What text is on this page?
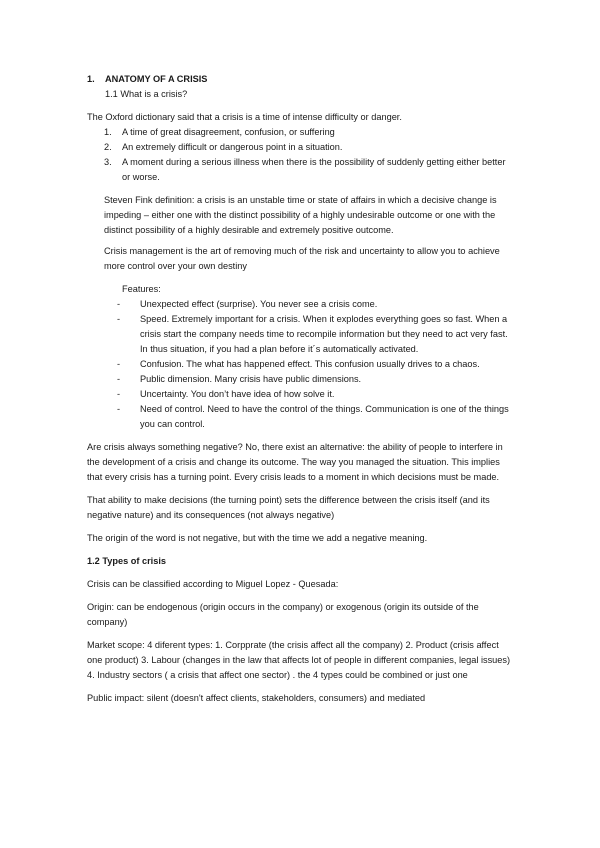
1. ANATOMY OF A CRISIS

1.1 What is a crisis?

The Oxford dictionary said that a crisis is a time of intense difficulty or danger.

1. A time of great disagreement, confusion, or suffering
2. An extremely difficult or dangerous point in a situation.
3. A moment during a serious illness when there is the possibility of suddenly getting either better or worse.

Steven Fink definition: a crisis is an unstable time or state of affairs in which a decisive change is impeding – either one with the distinct possibility of a highly undesirable outcome or one with the distinct possibility of a highly desirable and extremely positive outcome.

Crisis management is the art of removing much of the risk and uncertainty to allow you to achieve more control over your own destiny

Features:

- Unexpected effect (surprise). You never see a crisis come.
- Speed. Extremely important for a crisis. When it explodes everything goes so fast. When a crisis start the company needs time to recompile information but they need to act very fast. In thus situation, if you had a plan before it´s automatically activated.
- Confusion. The what has happened effect. This confusion usually drives to a chaos.
- Public dimension. Many crisis have public dimensions.
- Uncertainty. You don’t have idea of how solve it.
- Need of control. Need to have the control of the things. Communication is one of the things you can control.

Are crisis always something negative? No, there exist an alternative: the ability of people to interfere in the development of a crisis and change its outcome. The way you managed the situation. This implies that every crisis has a turning point. Every crisis leads to a moment in which decisions must be made.

That ability to make decisions (the turning point) sets the difference between the crisis itself (and its negative nature) and its consequences (not always negative)

The origin of the word is not negative, but with the time we add a negative meaning.

1.2 Types of crisis

Crisis can be classified according to Miguel Lopez - Quesada:

Origin: can be endogenous (origin occurs in the company) or exogenous (origin its outside of the company)

Market scope: 4 diferent types: 1. Corpprate (the crisis affect all the company) 2. Product (crisis affect one product) 3. Labour (changes in the law that affects lot of people in different companies, legal issues) 4. Industry sectors ( a crisis that affect one sector) . the 4 types could be combined or just one

Public impact: silent (doesn't affect clients, stakeholders, consumers) and mediated
